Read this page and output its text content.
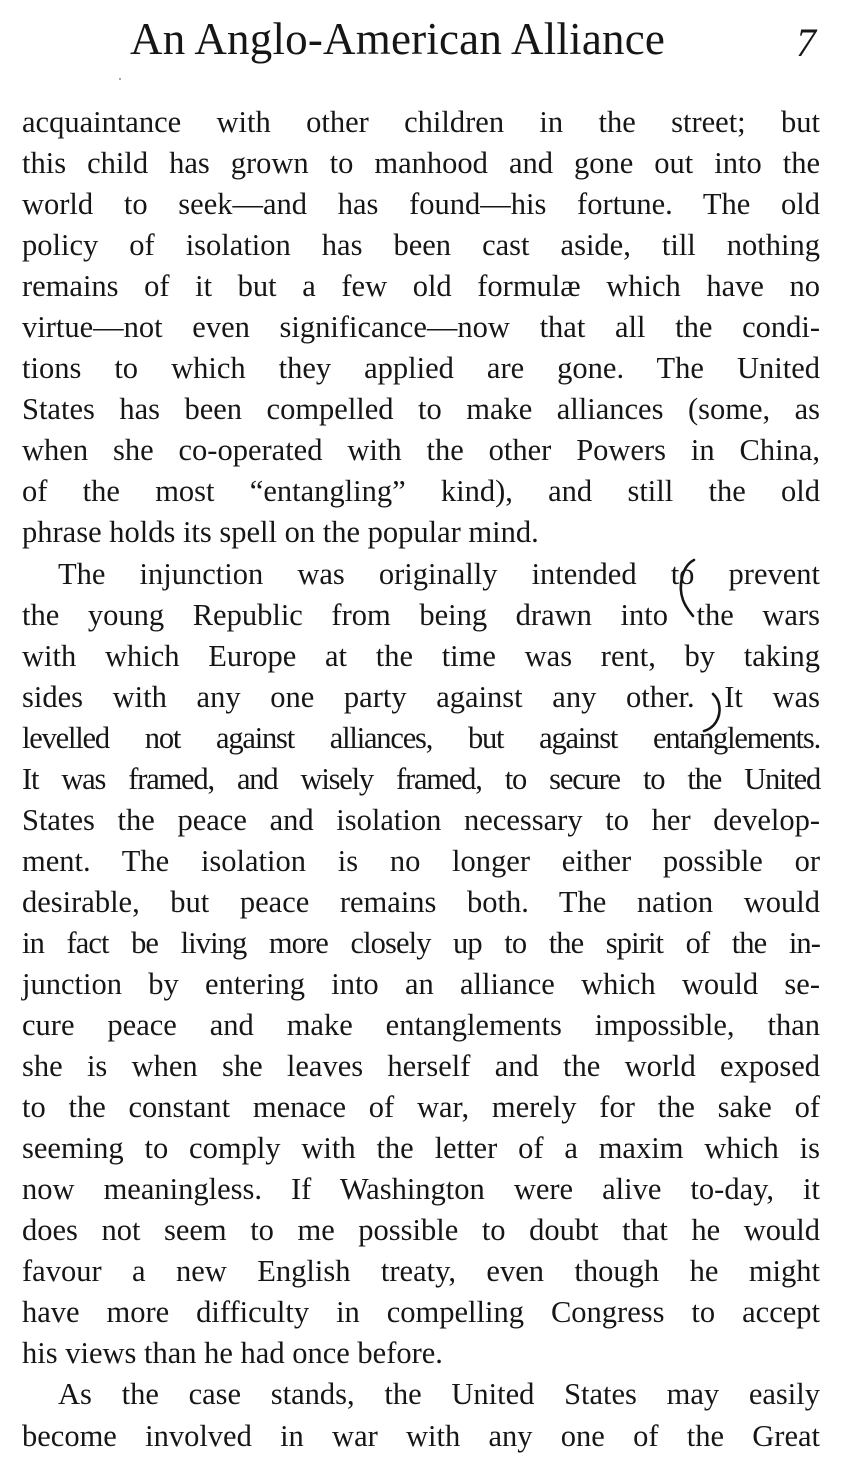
An Anglo-American Alliance	7
acquaintance with other children in the street; but
this child has grown to manhood and gone out into the
world to seek—and has found—his fortune. The old
policy of isolation has been cast aside, till nothing
remains of it but a few old formulæ which have no
virtue—not even significance—now that all the condi-
tions to which they applied are gone. The United
States has been compelled to make alliances (some, as
when she co-operated with the other Powers in China,
of the most “entangling” kind), and still the old
phrase holds its spell on the popular mind.
The injunction was originally intended to prevent
the young Republic from being drawn into the wars
with which Europe at the time was rent, by taking
sides with any one party against any other. It was
levelled not against alliances, but against entanglements.
It was framed, and wisely framed, to secure to the United
States the peace and isolation necessary to her develop-
ment. The isolation is no longer either possible or
desirable, but peace remains both. The nation would
in fact be living more closely up to the spirit of the in-
junction by entering into an alliance which would se-
cure peace and make entanglements impossible, than
she is when she leaves herself and the world exposed
to the constant menace of war, merely for the sake of
seeming to comply with the letter of a maxim which is
now meaningless. If Washington were alive to-day, it
does not seem to me possible to doubt that he would
favour a new English treaty, even though he might
have more difficulty in compelling Congress to accept
his views than he had once before.
As the case stands, the United States may easily
become involved in war with any one of the Great
